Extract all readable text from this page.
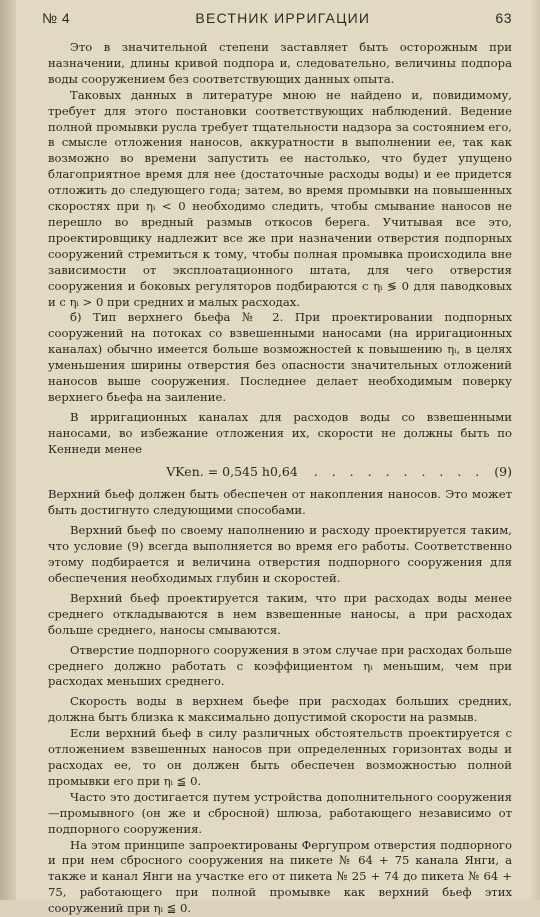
№ 4	ВЕСТНИК ИРРИГАЦИИ	63

Это в значительной степени заставляет быть осторожным при назначении, длины кривой подпора и, следовательно, величины подпора воды сооружением без соответствующих данных опыта.

Таковых данных в литературе мною не найдено и, повидимому, требует для этого постановки соответствующих наблюдений. Ведение полной промывки русла требует тщательности надзора за состоянием его, в смысле отложения наносов, аккуратности в выполнении ее, так как возможно во времени запустить ее настолько, что будет упущено благоприятное время для нее (достаточные расходы воды) и ее придется отложить до следующего года; затем, во время промывки на повышенных скоростях при ηᵢ < 0 необходимо следить, чтобы смывание наносов не перешло во вредный размыв откосов берега. Учитывая все это, проектировщику надлежит все же при назначении отверстия подпорных сооружений стремиться к тому, чтобы полная промывка происходила вне зависимости от эксплоатационного штата, для чего отверстия сооружения и боковых регуляторов подбираются с ηᵢ ≶ 0 для паводковых и с ηᵢ > 0 при средних и малых расходах.

б) Тип верхнего бьефа № 2. При проектировании подпорных сооружений на потоках со взвешенными наносами (на ирригационных каналах) обычно имеется больше возможностей к повышению ηᵢ, в целях уменьшения ширины отверстия без опасности значительных отложений наносов выше сооружения. Последнее делает необходимым поверку верхнего бьефа на заиление.

В ирригационных каналах для расходов воды со взвешенными наносами, во избежание отложения их, скорости не должны быть по Кеннеди менее

VKen. = 0,545 h0,64 . . . . . . . . . . (9)

Верхний бьеф должен быть обеспечен от накопления наносов. Это может быть достигнуто следующими способами.

Верхний бьеф по своему наполнению и расходу проектируется таким, что условие (9) всегда выполняется во время его работы. Соответственно этому подбирается и величина отверстия подпорного сооружения для обеспечения необходимых глубин и скоростей.

Верхний бьеф проектируется таким, что при расходах воды менее среднего откладываются в нем взвешенные наносы, а при расходах больше среднего, наносы смываются.

Отверстие подпорного сооружения в этом случае при расходах больше среднего должно работать с коэффициентом ηᵢ меньшим, чем при расходах меньших среднего.

Скорость воды в верхнем бьефе при расходах больших средних, должна быть близка к максимально допустимой скорости на размыв.

Если верхний бьеф в силу различных обстоятельств проектируется с отложением взвешенных наносов при определенных горизонтах воды и расходах ее, то он должен быть обеспечен возможностью полной промывки его при ηᵢ ≦ 0.

Часто это достигается путем устройства дополнительного сооружения—промывного (он же и сбросной) шлюза, работающего независимо от подпорного сооружения.

На этом принципе запроектированы Фергупром отверстия подпорного и при нем сбросного сооружения на пикете № 64 + 75 канала Янги, а также и канал Янги на участке его от пикета № 25 + 74 до пикета № 64 + 75, работающего при полной промывке как верхний бьеф этих сооружений при ηᵢ ≦ 0.
